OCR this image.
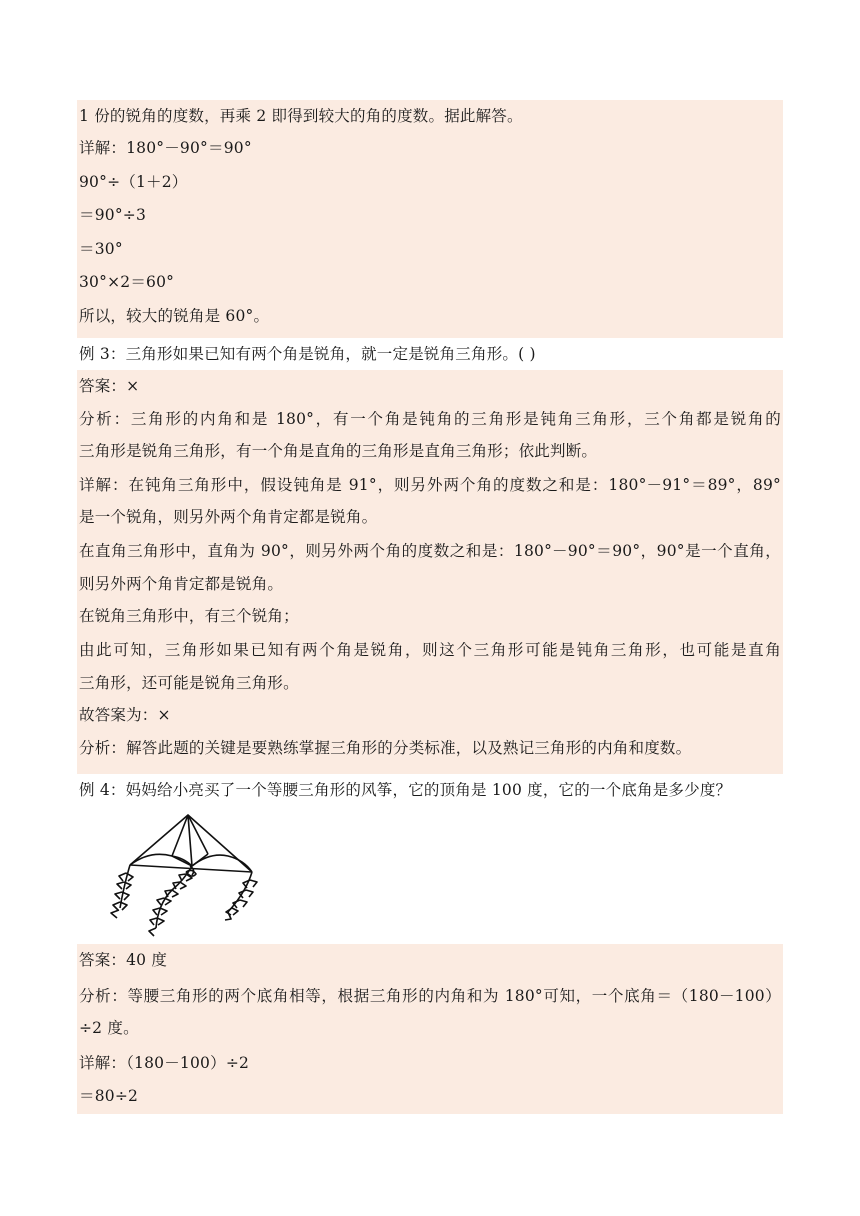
1 份的锐角的度数，再乘 2 即得到较大的角的度数。据此解答。
详解：180°－90°＝90°
90°÷（1＋2）
＝90°÷3
＝30°
30°×2＝60°
所以，较大的锐角是 60°。
例 3：三角形如果已知有两个角是锐角，就一定是锐角三角形。( )
答案：×
分析：三角形的内角和是 180°，有一个角是钝角的三角形是钝角三角形，三个角都是锐角的
三角形是锐角三角形，有一个角是直角的三角形是直角三角形；依此判断。
详解：在钝角三角形中，假设钝角是 91°，则另外两个角的度数之和是：180°－91°＝89°，89°
是一个锐角，则另外两个角肯定都是锐角。
在直角三角形中，直角为 90°，则另外两个角的度数之和是：180°－90°＝90°，90°是一个直角，
则另外两个角肯定都是锐角。
在锐角三角形中，有三个锐角；
由此可知，三角形如果已知有两个角是锐角，则这个三角形可能是钝角三角形，也可能是直角
三角形，还可能是锐角三角形。
故答案为：×
分析：解答此题的关键是要熟练掌握三角形的分类标准，以及熟记三角形的内角和度数。
例 4：妈妈给小亮买了一个等腰三角形的风筝，它的顶角是 100 度，它的一个底角是多少度？
答案：40 度
分析：等腰三角形的两个底角相等，根据三角形的内角和为 180°可知，一个底角＝（180－100）
÷2 度。
详解：（180－100）÷2
＝80÷2
